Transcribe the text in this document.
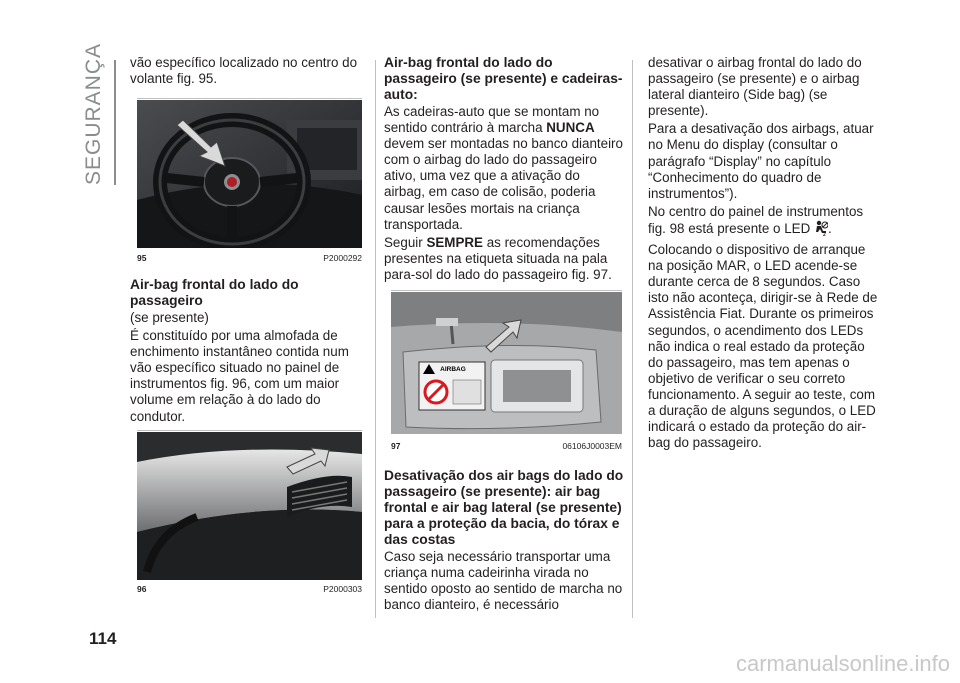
SEGURANÇA
114

vão específico localizado no centro do volante fig. 95.

95	P2000292
Air-bag frontal do lado do passageiro

(se presente)

É constituído por uma almofada de enchimento instantâneo contida num vão específico situado no painel de instrumentos fig. 96, com um maior volume em relação à do lado do condutor.

96	P2000303
Air-bag frontal do lado do passageiro (se presente) e cadeiras-auto:

As cadeiras-auto que se montam no sentido contrário à marcha NUNCA devem ser montadas no banco dianteiro com o airbag do lado do passageiro ativo, uma vez que a ativação do airbag, em caso de colisão, poderia causar lesões mortais na criança transportada.

Seguir SEMPRE as recomendações presentes na etiqueta situada na pala para-sol do lado do passageiro fig. 97.

AIRBAG
97	06106J0003EM
Desativação dos air bags do lado do passageiro (se presente): air bag frontal e air bag lateral (se presente) para a proteção da bacia, do tórax e das costas

Caso seja necessário transportar uma criança numa cadeirinha virada no sentido oposto ao sentido de marcha no banco dianteiro, é necessário

desativar o airbag frontal do lado do passageiro (se presente) e o airbag lateral dianteiro (Side bag) (se presente).

Para a desativação dos airbags, atuar no Menu do display (consultar o parágrafo “Display” no capítulo “Conhecimento do quadro de instrumentos”).

No centro do painel de instrumentos fig. 98 está presente o LED 2 .

Colocando o dispositivo de arranque na posição MAR, o LED acende-se durante cerca de 8 segundos. Caso isto não aconteça, dirigir-se à Rede de Assistência Fiat. Durante os primeiros segundos, o acendimento dos LEDs não indica o real estado da proteção do passageiro, mas tem apenas o objetivo de verificar o seu correto funcionamento. A seguir ao teste, com a duração de alguns segundos, o LED indicará o estado da proteção do air-bag do passageiro.

carmanualsonline.info
